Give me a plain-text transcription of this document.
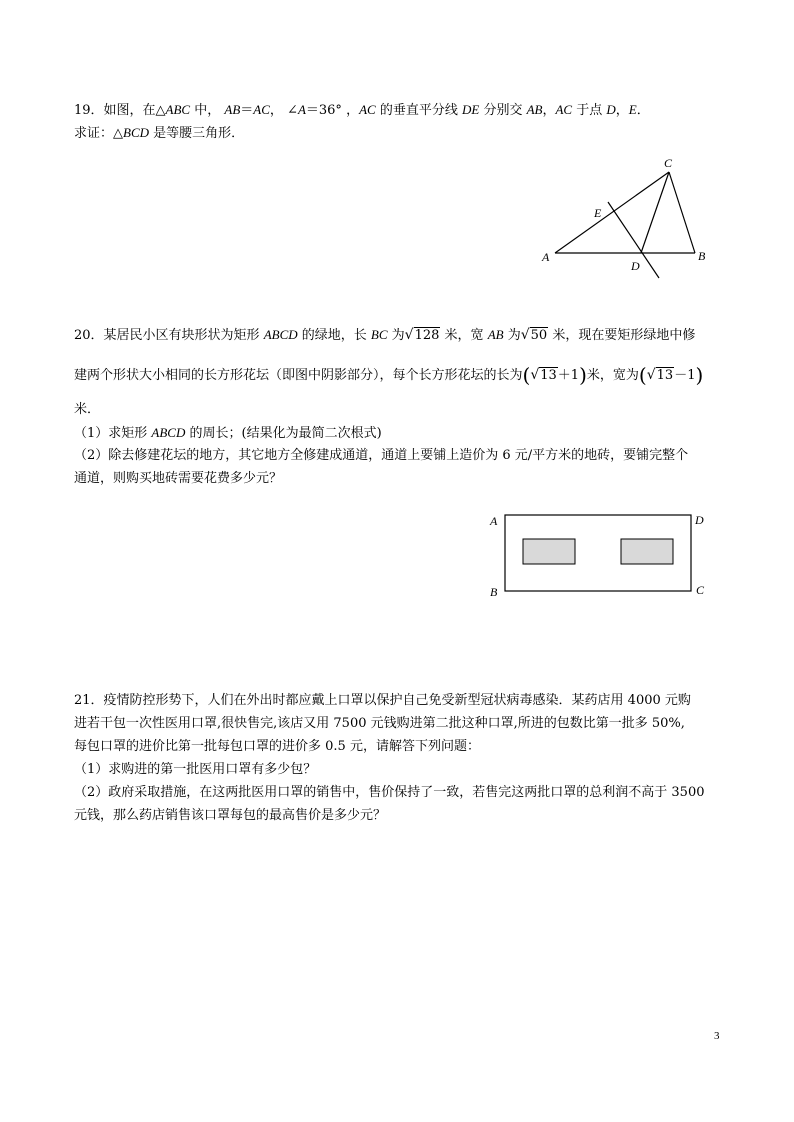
19．如图，在△ABC 中， AB＝AC， ∠A＝36° ，AC 的垂直平分线 DE 分别交 AB，AC 于点 D，E．
求证：△BCD 是等腰三角形．
C
E
A	B
D
20．某居民小区有块形状为矩形 ABCD 的绿地，长 BC 为√128 米，宽 AB 为√50 米，现在要矩形绿地中修
建两个形状大小相同的长方形花坛（即图中阴影部分），每个长方形花坛的长为(√13＋1)米，宽为(√13－1)
米．
（1）求矩形 ABCD 的周长；(结果化为最简二次根式)
（2）除去修建花坛的地方，其它地方全修建成通道，通道上要铺上造价为 6 元/平方米的地砖，要铺完整个
通道，则购买地砖需要花费多少元？
A	D
B	C
21．疫情防控形势下，人们在外出时都应戴上口罩以保护自己免受新型冠状病毒感染．某药店用 4000 元购
进若干包一次性医用口罩,很快售完,该店又用 7500 元钱购进第二批这种口罩,所进的包数比第一批多 50%,
每包口罩的进价比第一批每包口罩的进价多 0.5 元，请解答下列问题：
（1）求购进的第一批医用口罩有多少包？
（2）政府采取措施，在这两批医用口罩的销售中，售价保持了一致，若售完这两批口罩的总利润不高于 3500
元钱，那么药店销售该口罩每包的最高售价是多少元？
3
